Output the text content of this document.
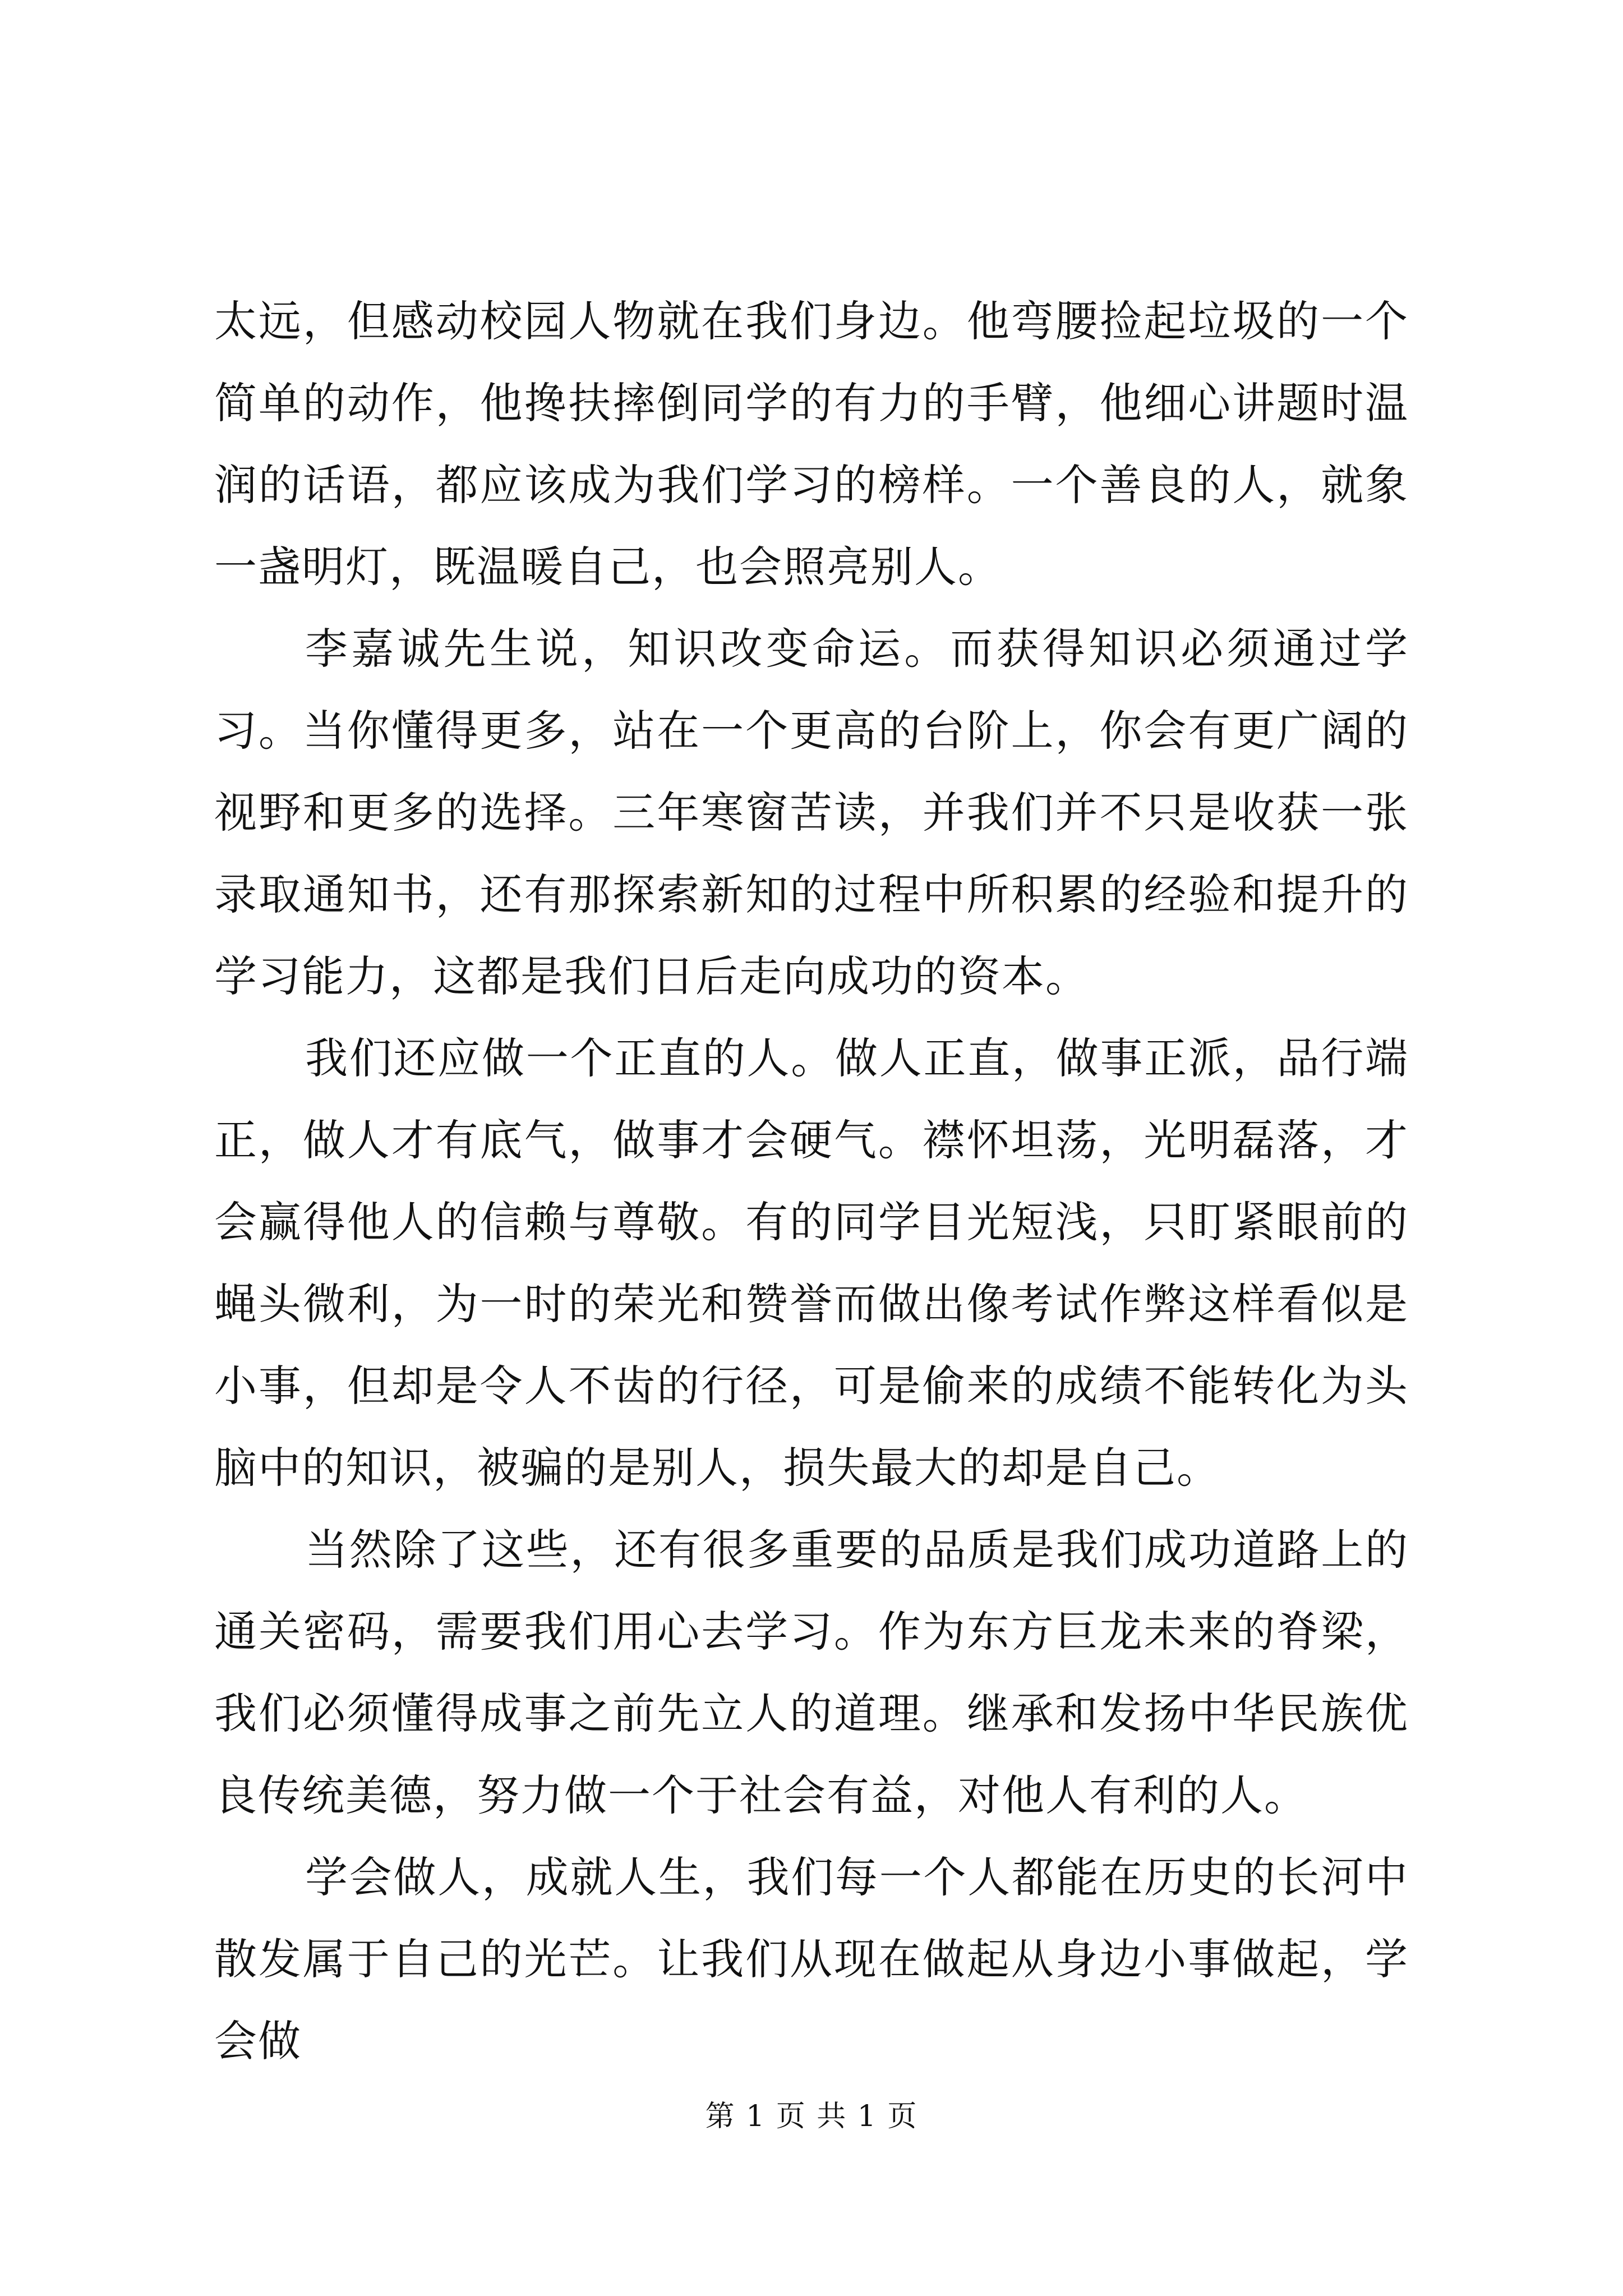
太远，但感动校园人物就在我们身边。他弯腰捡起垃圾的一个简单的动作，他搀扶摔倒同学的有力的手臂，他细心讲题时温润的话语，都应该成为我们学习的榜样。一个善良的人，就象一盏明灯，既温暖自己，也会照亮别人。

李嘉诚先生说，知识改变命运。而获得知识必须通过学习。当你懂得更多，站在一个更高的台阶上，你会有更广阔的视野和更多的选择。三年寒窗苦读，并我们并不只是收获一张录取通知书，还有那探索新知的过程中所积累的经验和提升的学习能力，这都是我们日后走向成功的资本。

我们还应做一个正直的人。做人正直，做事正派，品行端正，做人才有底气，做事才会硬气。襟怀坦荡，光明磊落，才会赢得他人的信赖与尊敬。有的同学目光短浅，只盯紧眼前的蝇头微利，为一时的荣光和赞誉而做出像考试作弊这样看似是小事，但却是令人不齿的行径，可是偷来的成绩不能转化为头脑中的知识，被骗的是别人，损失最大的却是自己。

当然除了这些，还有很多重要的品质是我们成功道路上的通关密码，需要我们用心去学习。作为东方巨龙未来的脊梁，我们必须懂得成事之前先立人的道理。继承和发扬中华民族优良传统美德，努力做一个于社会有益，对他人有利的人。

学会做人，成就人生，我们每一个人都能在历史的长河中散发属于自己的光芒。让我们从现在做起从身边小事做起，学会做

第 1 页 共 1 页
